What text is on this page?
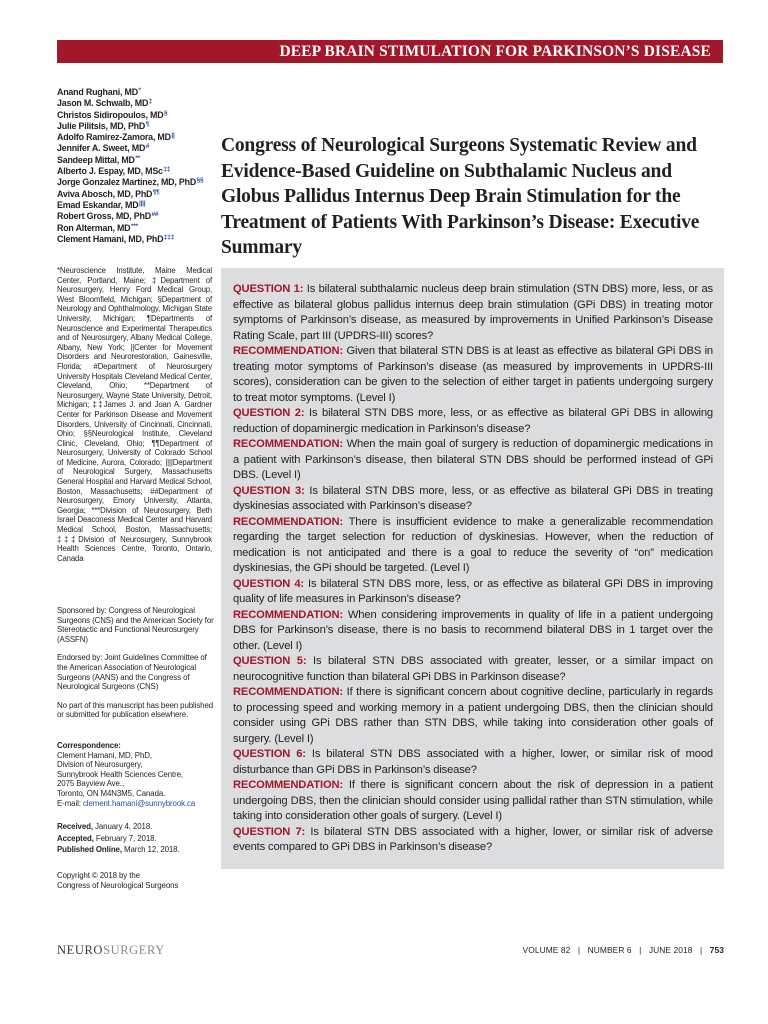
DEEP BRAIN STIMULATION FOR PARKINSON’S DISEASE
Anand Rughani, MD*
Jason M. Schwalb, MD‡
Christos Sidiropoulos, MD§
Julie Pilitsis, MD, PhD¶
Adolfo Ramirez-Zamora, MD||
Jennifer A. Sweet, MD#
Sandeep Mittal, MD**
Alberto J. Espay, MD, MSc‡‡
Jorge Gonzalez Martinez, MD, PhD§§
Aviva Abosch, MD, PhD¶¶
Emad Eskandar, MD||||
Robert Gross, MD, PhD##
Ron Alterman, MD***
Clement Hamani, MD, PhD‡‡‡
*Neuroscience Institute, Maine Medical Center, Portland, Maine; ‡Department of Neurosurgery, Henry Ford Medical Group, West Bloomfield, Michigan; §Department of Neurology and Ophthalmology, Michigan State University, Michigan; ¶Departments of Neuroscience and Experimental Therapeutics and of Neurosurgery, Albany Medical College, Albany, New York; ||Center for Movement Disorders and Neurorestoration, Gainesville, Florida; #Department of Neurosurgery University Hospitals Cleveland Medical Center, Cleveland, Ohio; **Department of Neurosurgery, Wayne State University, Detroit, Michigan; ‡‡James J. and Joan A. Gardner Center for Parkinson Disease and Movement Disorders, University of Cincinnati, Cincinnati, Ohio; §§Neurological Institute, Cleveland Clinic, Cleveland, Ohio; ¶¶Department of Neurosurgery, University of Colorado School of Medicine, Aurora, Colorado; ||||Department of Neurological Surgery, Massachusetts General Hospital and Harvard Medical School, Boston, Massachusetts; ##Department of Neurosurgery, Emory University, Atlanta, Georgia; ***Division of Neurosurgery, Beth Israel Deaconess Medical Center and Harvard Medical School, Boston, Massachusetts; ‡‡‡Division of Neurosurgery, Sunnybrook Health Sciences Centre, Toronto, Ontario, Canada

Sponsored by: Congress of Neurological Surgeons (CNS) and the American Society for Stereotactic and Functional Neurosurgery (ASSFN)

Endorsed by: Joint Guidelines Committee of the American Association of Neurological Surgeons (AANS) and the Congress of Neurological Surgeons (CNS)

No part of this manuscript has been published or submitted for publication elsewhere.

Correspondence:

Clement Hamani, MD, PhD,

Division of Neurosurgery,

Sunnybrook Health Sciences Centre,

2075 Bayview Ave.,

Toronto, ON M4N3M5, Canada.

E-mail: clement.hamani@sunnybrook.ca

Received, January 4, 2018.

Accepted, February 7, 2018.

Published Online, March 12, 2018.

Copyright © 2018 by the

Congress of Neurological Surgeons

Congress of Neurological Surgeons Systematic Review and Evidence-Based Guideline on Subthalamic Nucleus and Globus Pallidus Internus Deep Brain Stimulation for the Treatment of Patients With Parkinson’s Disease: Executive Summary

QUESTION 1: Is bilateral subthalamic nucleus deep brain stimulation (STN DBS) more, less, or as effective as bilateral globus pallidus internus deep brain stimulation (GPi DBS) in treating motor symptoms of Parkinson’s disease, as measured by improvements in Unified Parkinson’s Disease Rating Scale, part III (UPDRS-III) scores?

RECOMMENDATION: Given that bilateral STN DBS is at least as effective as bilateral GPi DBS in treating motor symptoms of Parkinson’s disease (as measured by improvements in UPDRS-III scores), consideration can be given to the selection of either target in patients undergoing surgery to treat motor symptoms. (Level I)

QUESTION 2: Is bilateral STN DBS more, less, or as effective as bilateral GPi DBS in allowing reduction of dopaminergic medication in Parkinson’s disease?

RECOMMENDATION: When the main goal of surgery is reduction of dopaminergic medications in a patient with Parkinson’s disease, then bilateral STN DBS should be performed instead of GPi DBS. (Level I)

QUESTION 3: Is bilateral STN DBS more, less, or as effective as bilateral GPi DBS in treating dyskinesias associated with Parkinson’s disease?

RECOMMENDATION: There is insufficient evidence to make a generalizable recommendation regarding the target selection for reduction of dyskinesias. However, when the reduction of medication is not anticipated and there is a goal to reduce the severity of “on” medication dyskinesias, the GPi should be targeted. (Level I)

QUESTION 4: Is bilateral STN DBS more, less, or as effective as bilateral GPi DBS in improving quality of life measures in Parkinson’s disease?

RECOMMENDATION: When considering improvements in quality of life in a patient undergoing DBS for Parkinson’s disease, there is no basis to recommend bilateral DBS in 1 target over the other. (Level I)

QUESTION 5: Is bilateral STN DBS associated with greater, lesser, or a similar impact on neurocognitive function than bilateral GPi DBS in Parkinson disease?

RECOMMENDATION: If there is significant concern about cognitive decline, particularly in regards to processing speed and working memory in a patient undergoing DBS, then the clinician should consider using GPi DBS rather than STN DBS, while taking into consideration other goals of surgery. (Level I)

QUESTION 6: Is bilateral STN DBS associated with a higher, lower, or similar risk of mood disturbance than GPi DBS in Parkinson’s disease?

RECOMMENDATION: If there is significant concern about the risk of depression in a patient undergoing DBS, then the clinician should consider using pallidal rather than STN stimulation, while taking into consideration other goals of surgery. (Level I)

QUESTION 7: Is bilateral STN DBS associated with a higher, lower, or similar risk of adverse events compared to GPi DBS in Parkinson’s disease?

NEUROSURGERY	VOLUME 82 | NUMBER 6 | JUNE 2018 | 753
